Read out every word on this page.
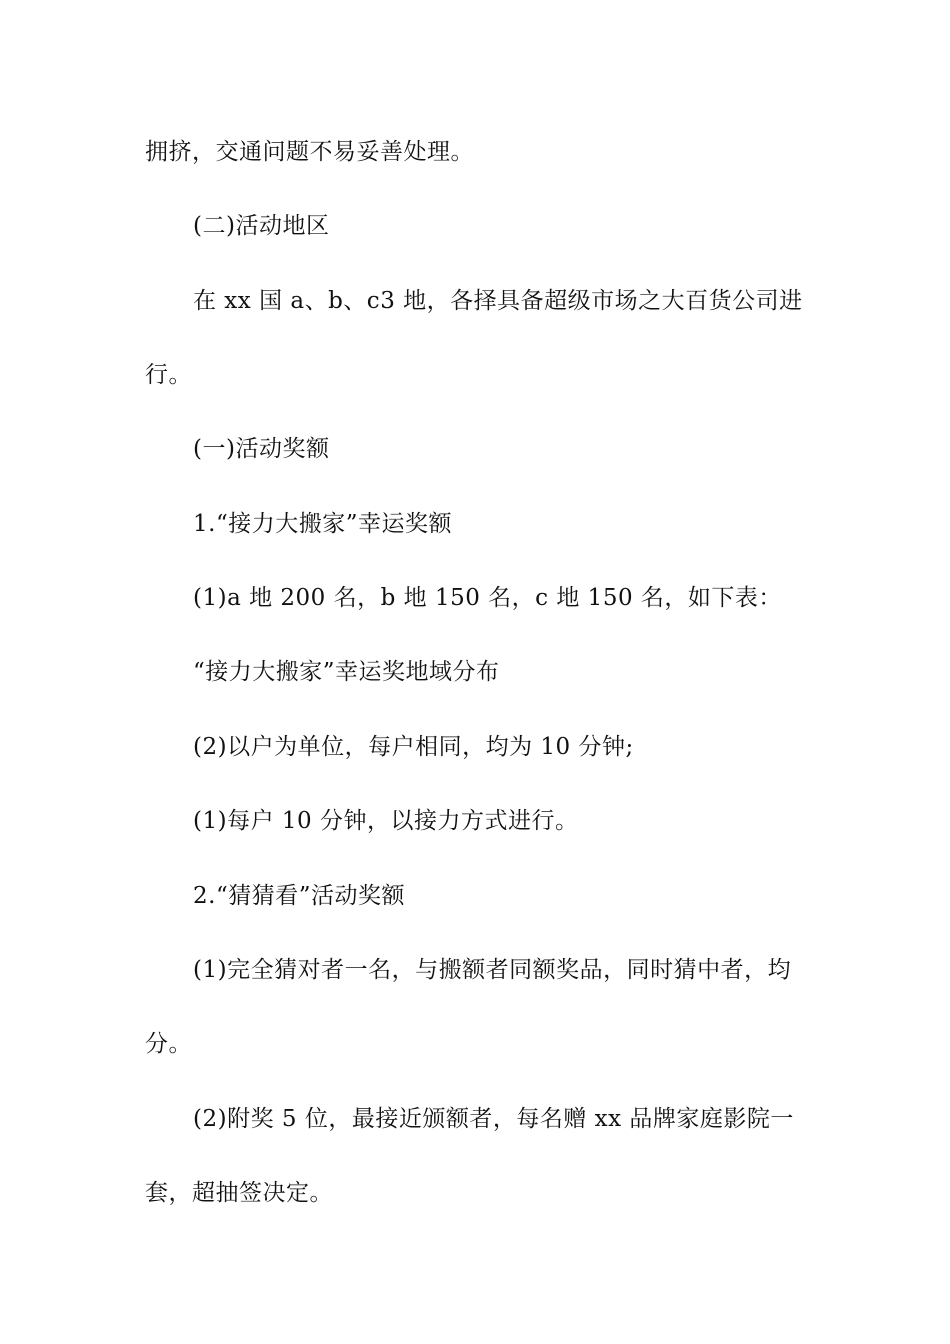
拥挤，交通问题不易妥善处理。
(二)活动地区
在 xx 国 a、b、c3 地，各择具备超级市场之大百货公司进
行。
(一)活动奖额
1.“接力大搬家”幸运奖额
(1)a 地 200 名，b 地 150 名，c 地 150 名，如下表：
“接力大搬家”幸运奖地域分布
(2)以户为单位，每户相同，均为 10 分钟;
(1)每户 10 分钟，以接力方式进行。
2.“猜猜看”活动奖额
(1)完全猜对者一名，与搬额者同额奖品，同时猜中者，均
分。
(2)附奖 5 位，最接近颁额者，每名赠 xx 品牌家庭影院一
套，超抽签决定。
